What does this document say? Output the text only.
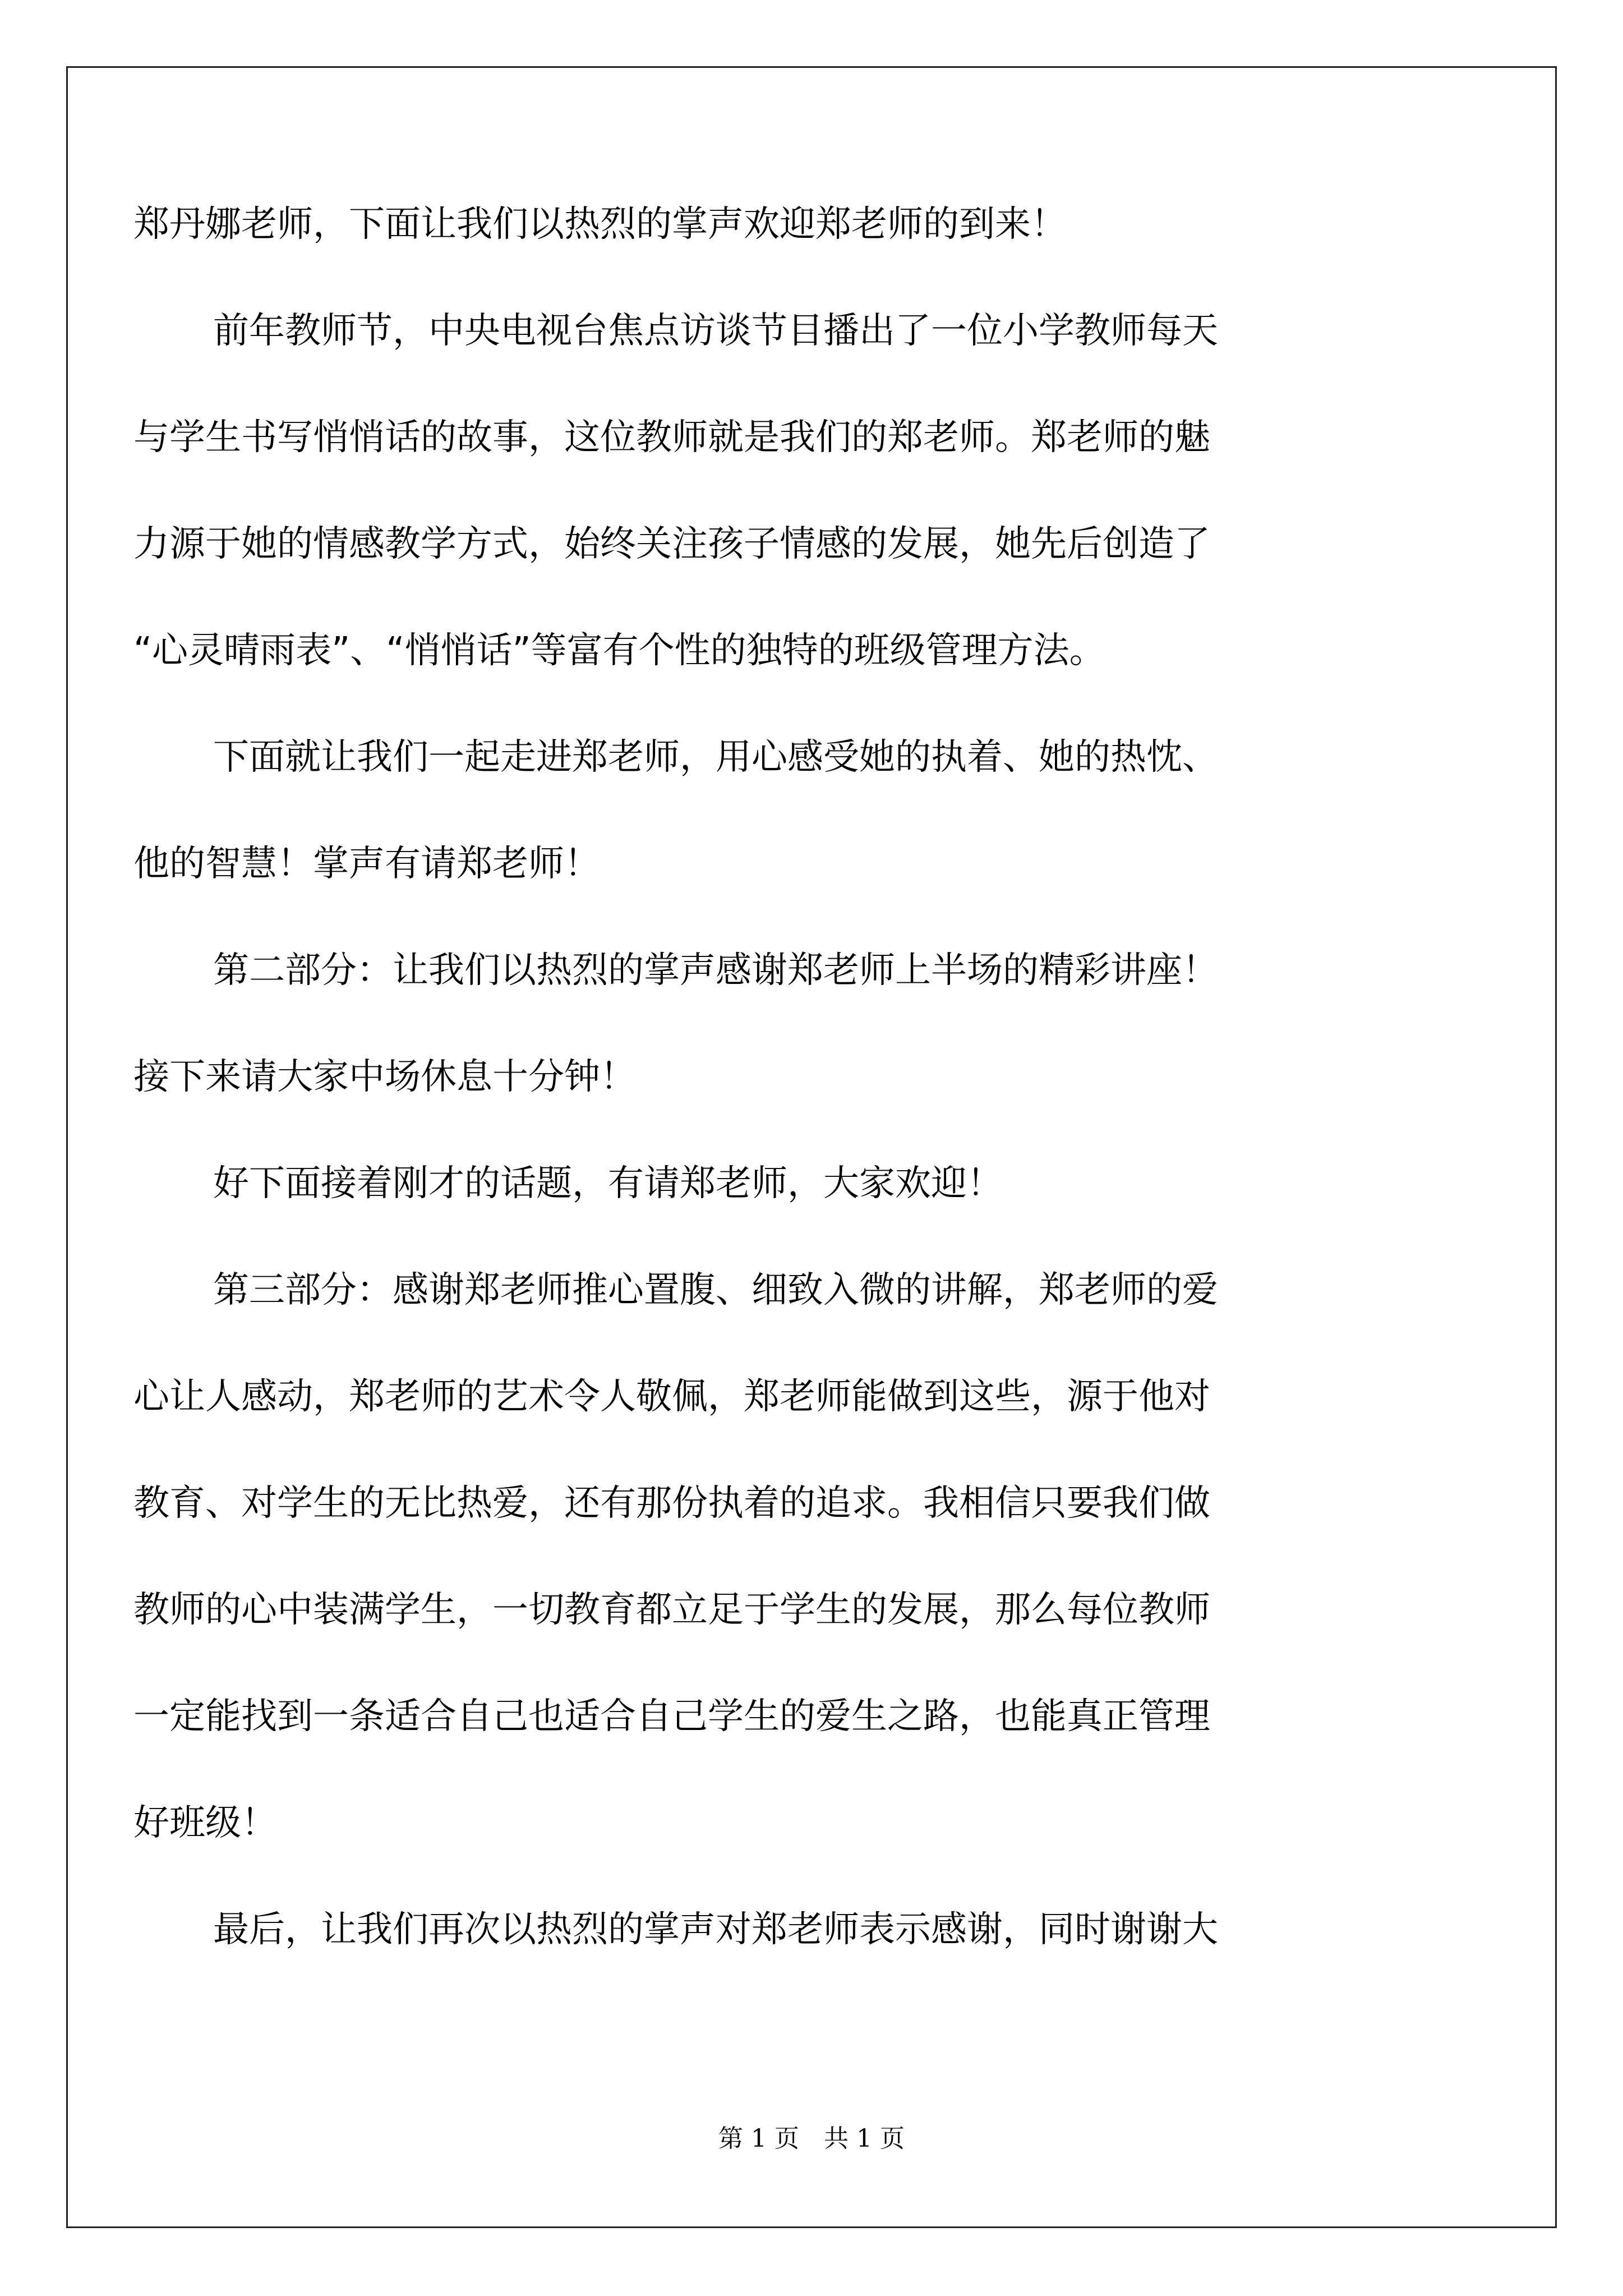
郑丹娜老师，下面让我们以热烈的掌声欢迎郑老师的到来！
前年教师节，中央电视台焦点访谈节目播出了一位小学教师每天
与学生书写悄悄话的故事，这位教师就是我们的郑老师。郑老师的魅
力源于她的情感教学方式，始终关注孩子情感的发展，她先后创造了
“心灵晴雨表”、“悄悄话”等富有个性的独特的班级管理方法。
下面就让我们一起走进郑老师，用心感受她的执着、她的热忱、
他的智慧！掌声有请郑老师！
第二部分：让我们以热烈的掌声感谢郑老师上半场的精彩讲座！
接下来请大家中场休息十分钟！
好下面接着刚才的话题，有请郑老师，大家欢迎！
第三部分：感谢郑老师推心置腹、细致入微的讲解，郑老师的爱
心让人感动，郑老师的艺术令人敬佩，郑老师能做到这些，源于他对
教育、对学生的无比热爱，还有那份执着的追求。我相信只要我们做
教师的心中装满学生，一切教育都立足于学生的发展，那么每位教师
一定能找到一条适合自己也适合自己学生的爱生之路，也能真正管理
好班级！
最后，让我们再次以热烈的掌声对郑老师表示感谢，同时谢谢大
第 1 页　共 1 页
